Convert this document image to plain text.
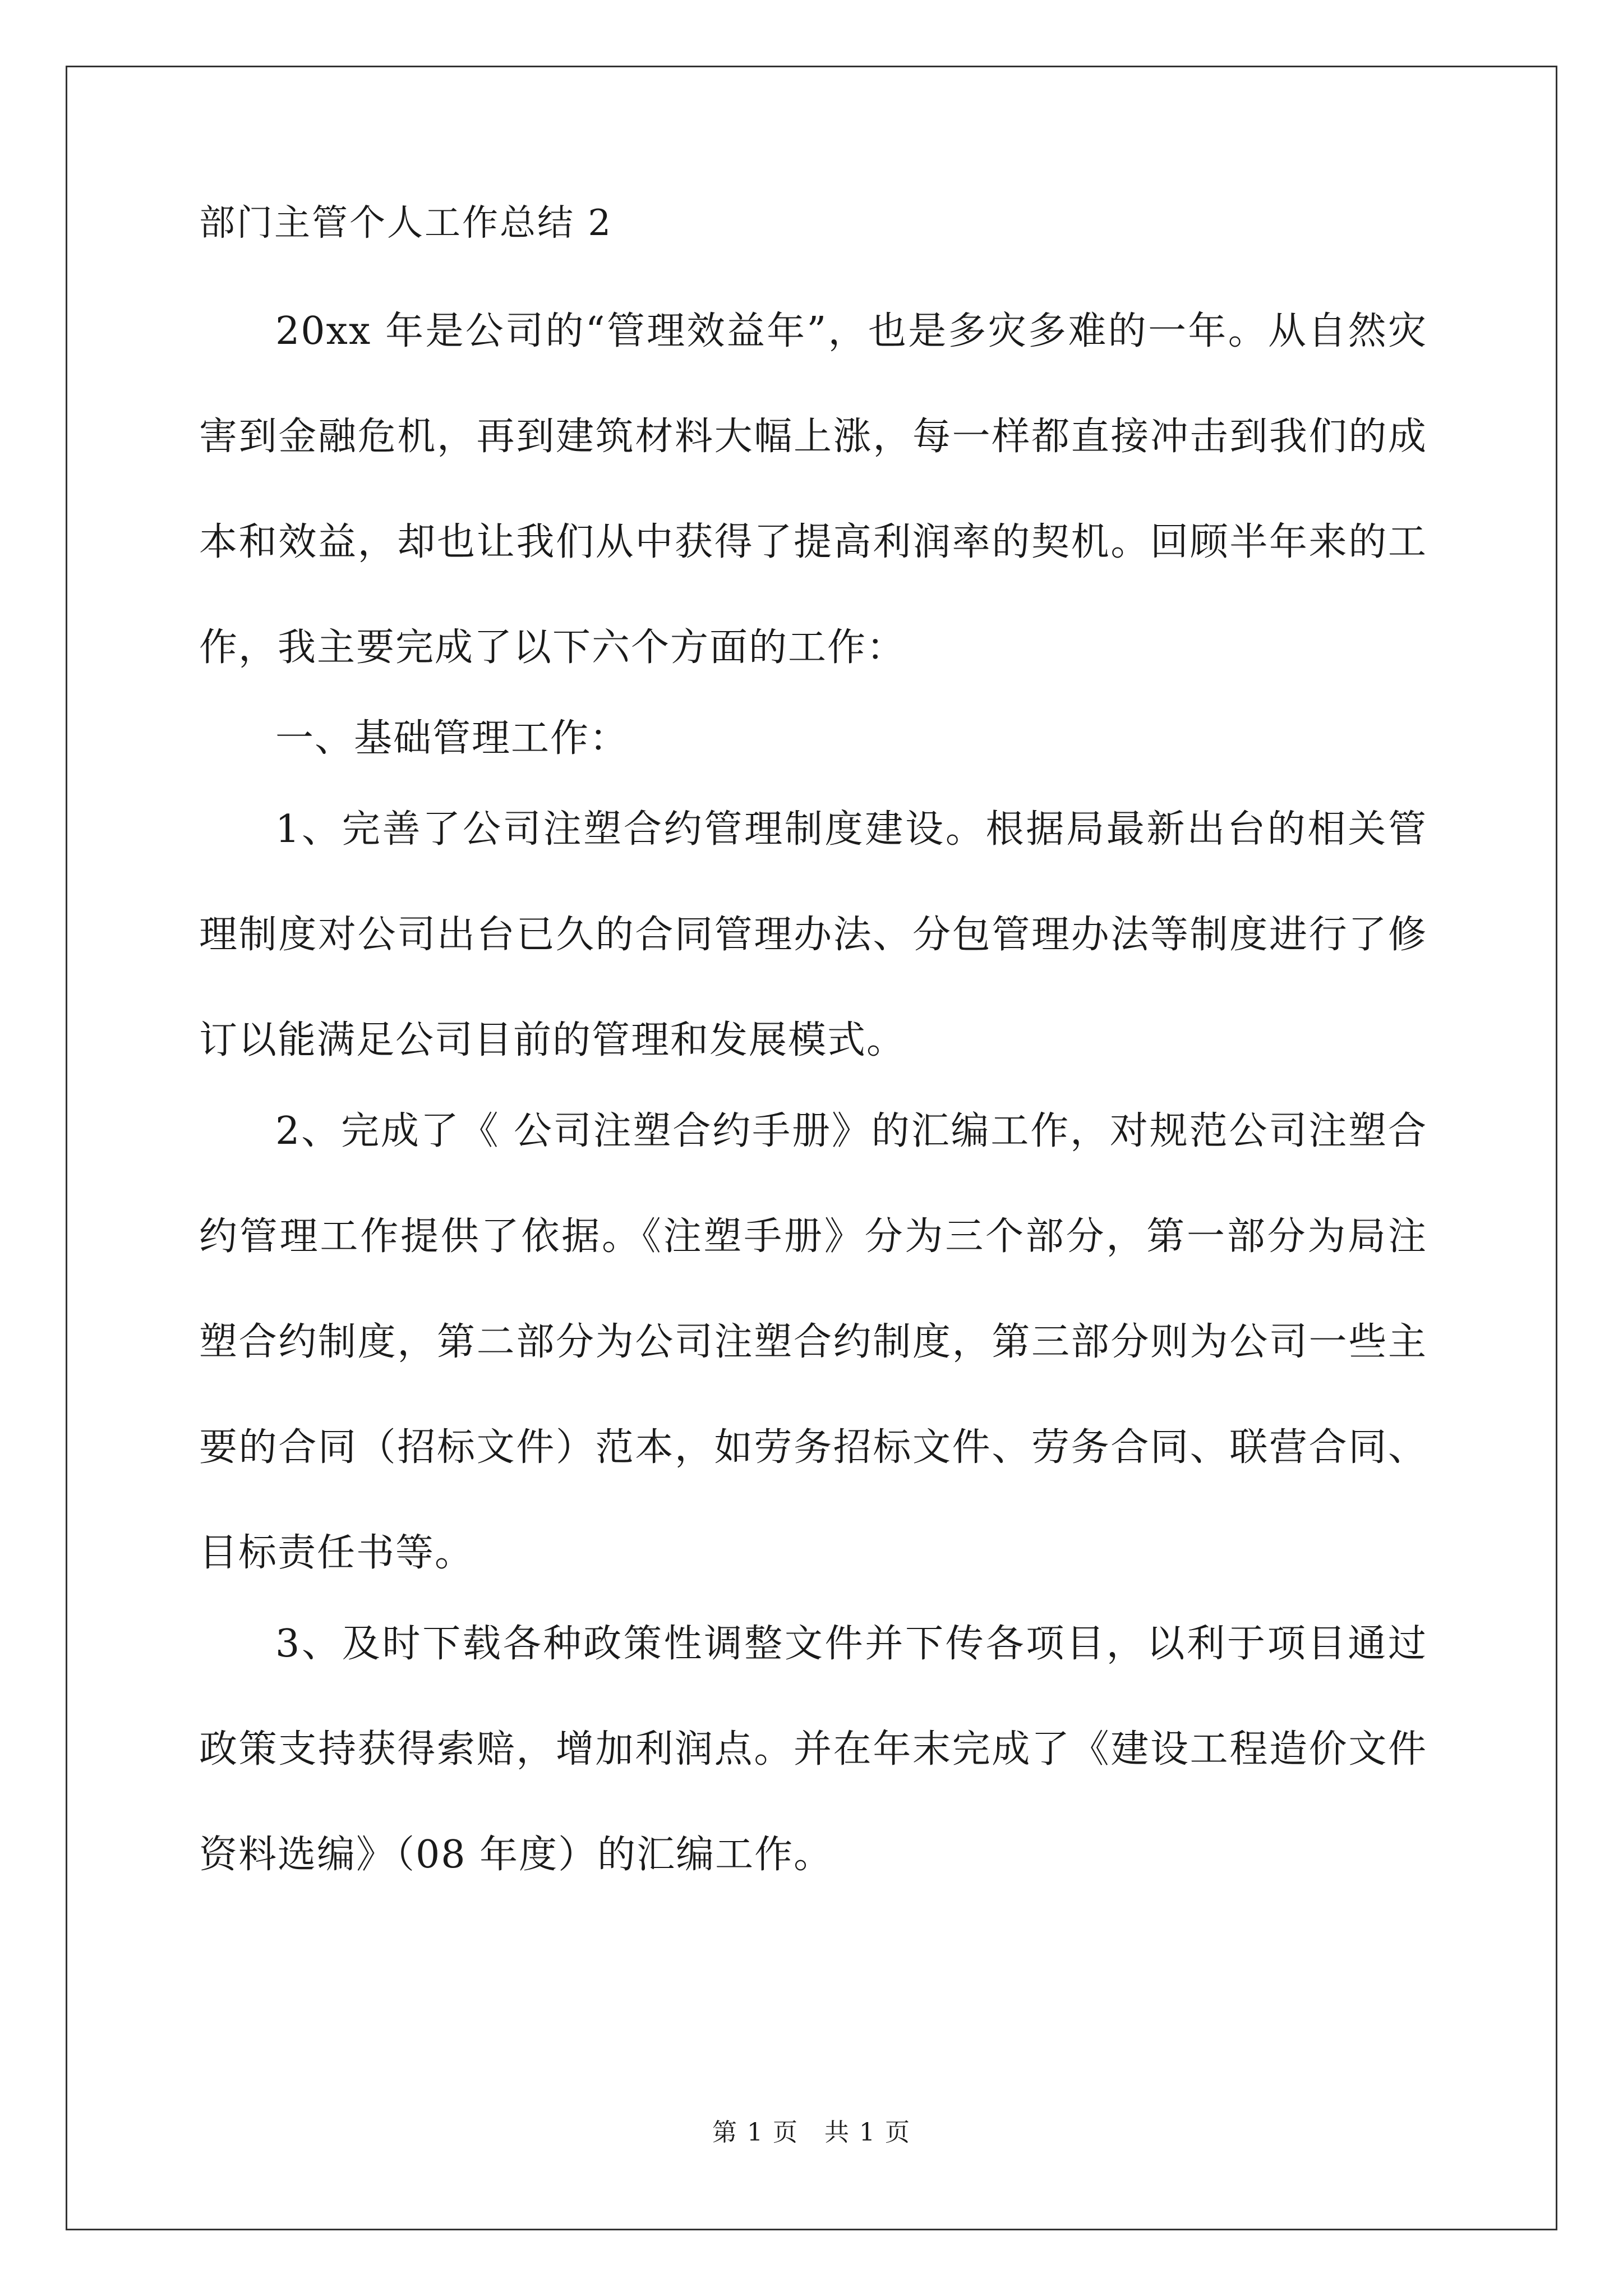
部门主管个人工作总结 2

20xx 年是公司的“管理效益年”，也是多灾多难的一年。从自然灾害到金融危机，再到建筑材料大幅上涨，每一样都直接冲击到我们的成本和效益，却也让我们从中获得了提高利润率的契机。回顾半年来的工作，我主要完成了以下六个方面的工作：

一、基础管理工作：

1、完善了公司注塑合约管理制度建设。根据局最新出台的相关管理制度对公司出台已久的合同管理办法、分包管理办法等制度进行了修订以能满足公司目前的管理和发展模式。

2、完成了《 公司注塑合约手册》的汇编工作，对规范公司注塑合约管理工作提供了依据。《注塑手册》分为三个部分，第一部分为局注塑合约制度，第二部分为公司注塑合约制度，第三部分则为公司一些主要的合同（招标文件）范本，如劳务招标文件、劳务合同、联营合同、目标责任书等。

3、及时下载各种政策性调整文件并下传各项目，以利于项目通过政策支持获得索赔，增加利润点。并在年末完成了《建设工程造价文件资料选编》（08 年度）的汇编工作。

第 1 页　共 1 页
